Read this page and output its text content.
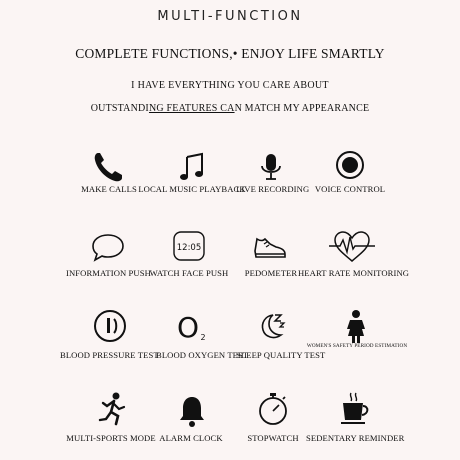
MULTI-FUNCTION
COMPLETE FUNCTIONS,• ENJOY LIFE SMARTLY
I HAVE EVERYTHING YOU CARE ABOUT
OUTSTANDING FEATURES CAN MATCH MY APPEARANCE
MAKE CALLS LOCAL MUSIC PLAYBACK
LIVE RECORDING VOICE CONTROL
INFORMATION PUSH
12:05
WATCH FACE PUSH	PEDOMETER HEART RATE MONITORING
BLOOD PRESSURE TEST
O 2
BLOOD OXYGEN TEST
SLEEP QUALITY TEST
WOMEN'S SAFETY PERIOD ESTIMATION
MULTI-SPORTS MODE ALARM CLOCK	STOPWATCH SEDENTARY REMINDER
